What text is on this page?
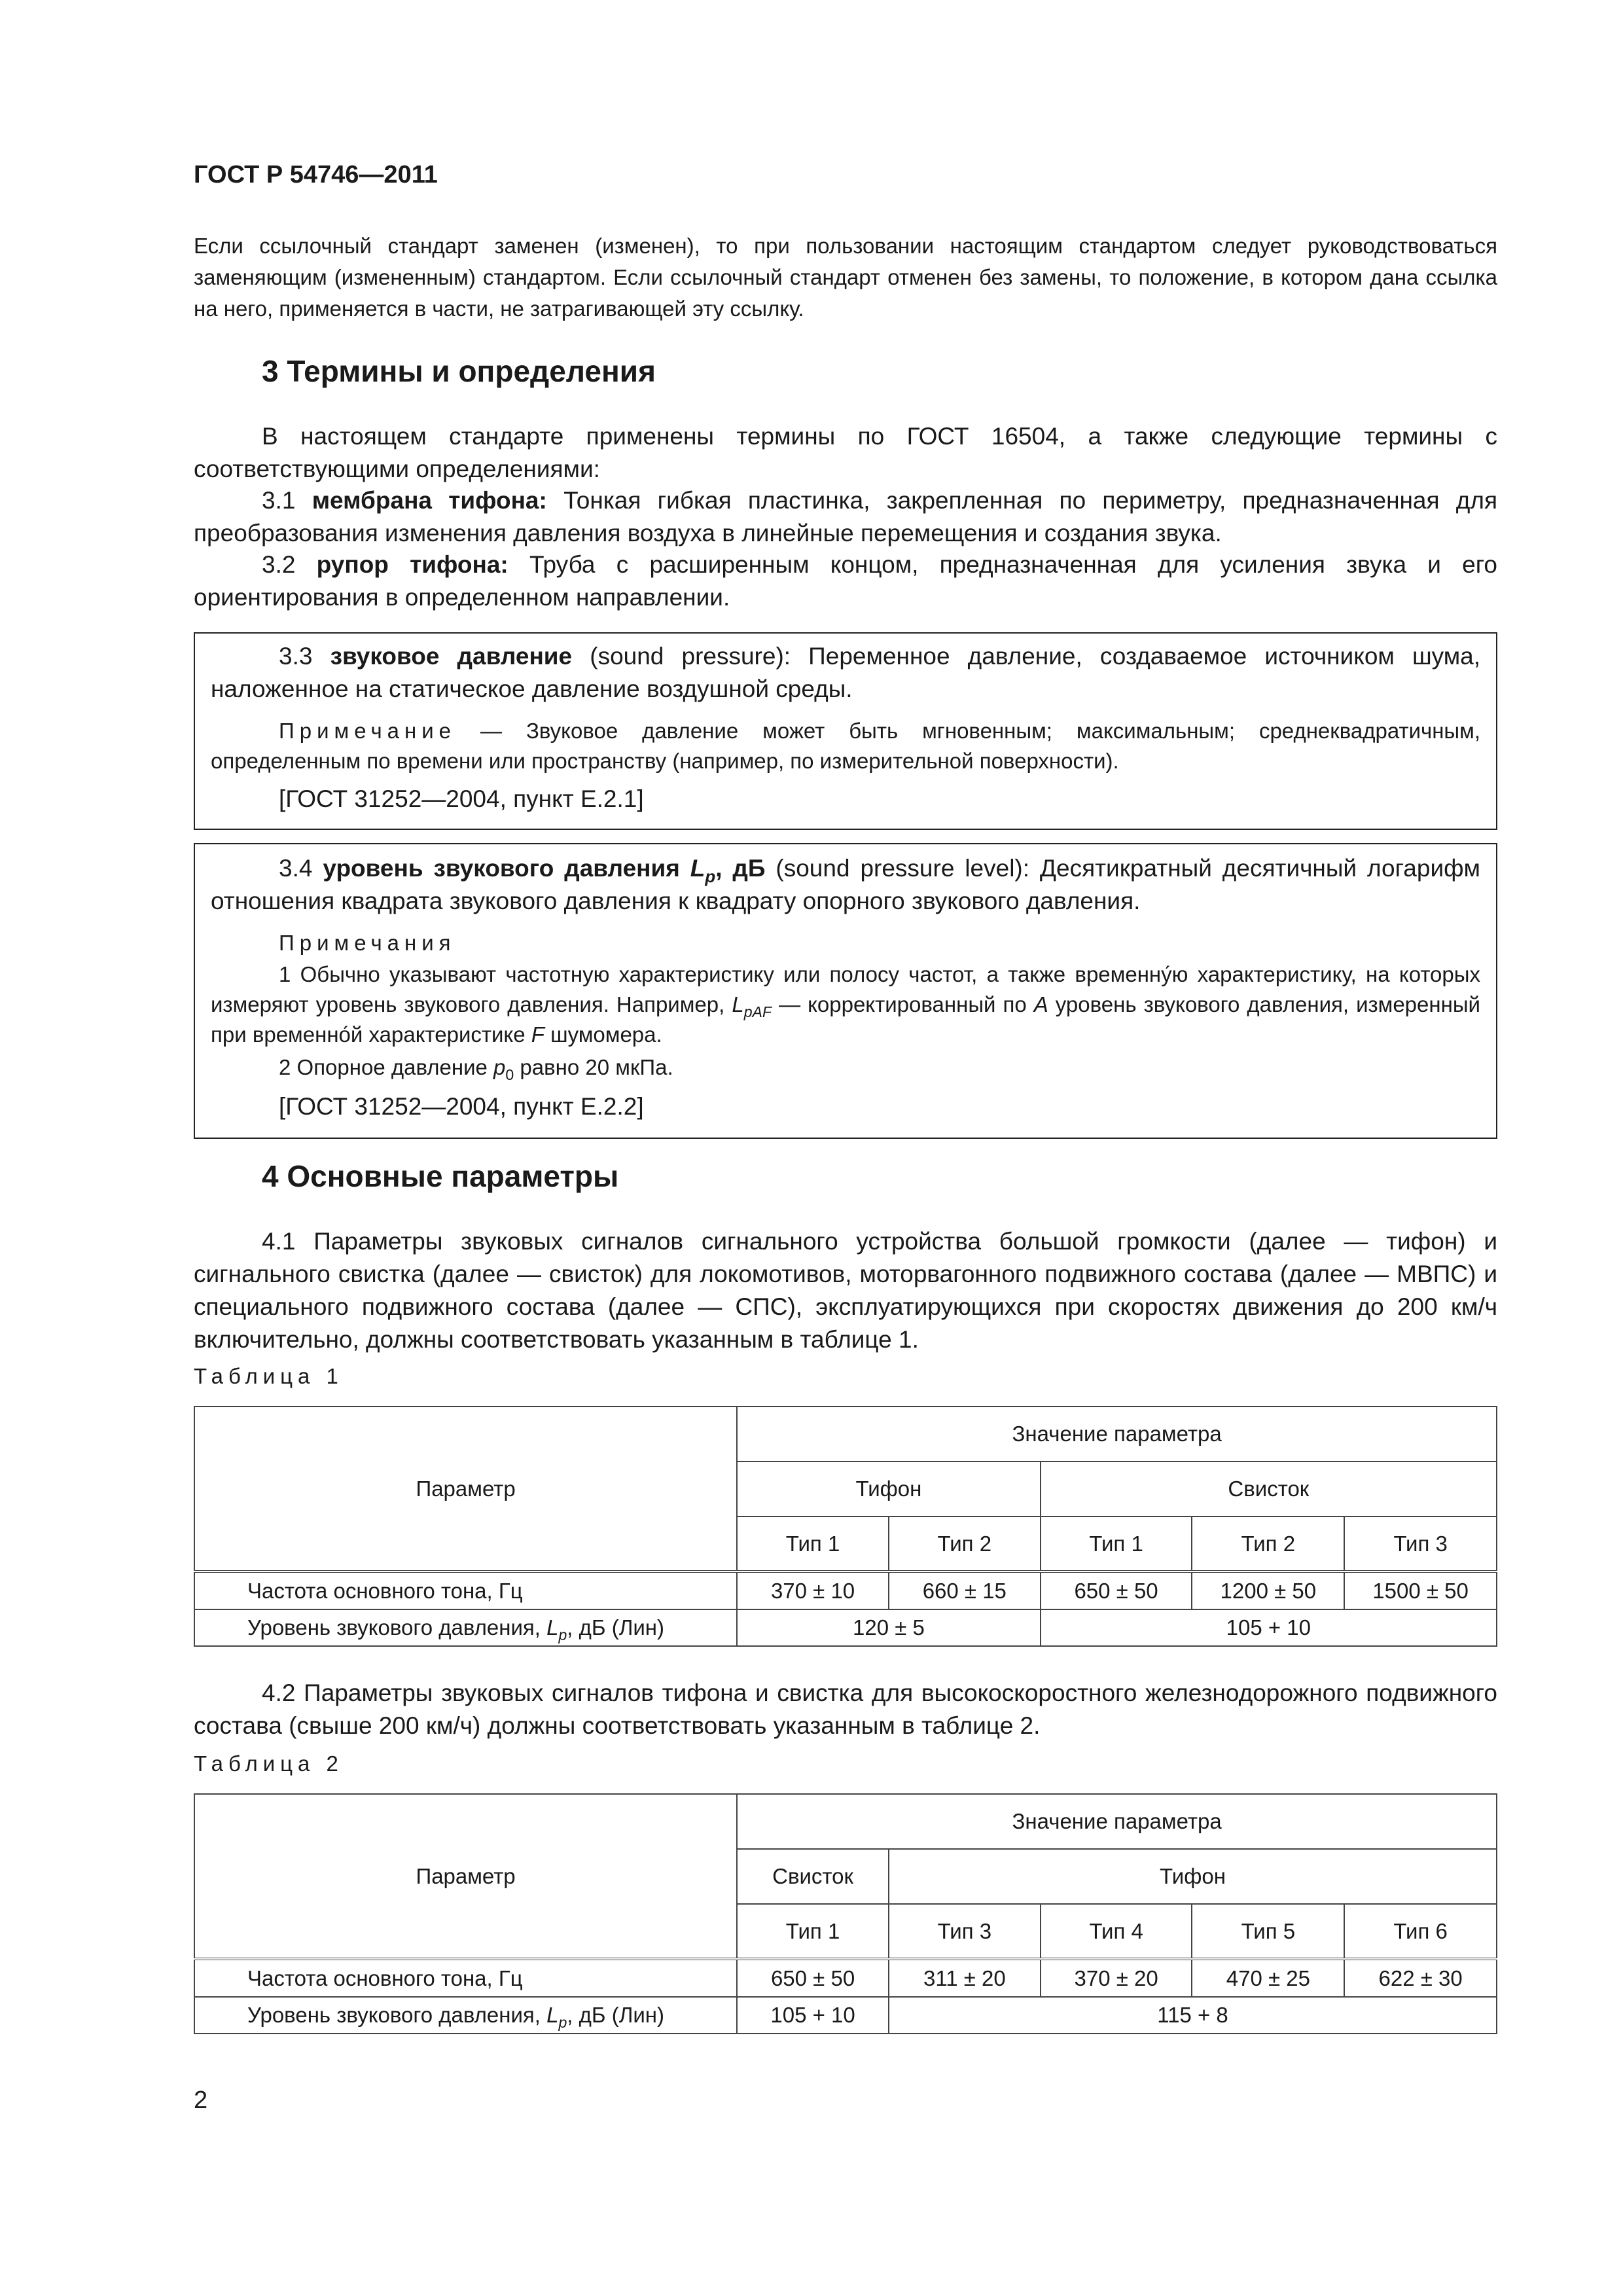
ГОСТ Р 54746—2011
Если ссылочный стандарт заменен (изменен), то при пользовании настоящим стандартом следует руководствоваться заменяющим (измененным) стандартом. Если ссылочный стандарт отменен без замены, то положение, в котором дана ссылка на него, применяется в части, не затрагивающей эту ссылку.
3 Термины и определения
В настоящем стандарте применены термины по ГОСТ 16504, а также следующие термины с соответствующими определениями:
3.1 мембрана тифона: Тонкая гибкая пластинка, закрепленная по периметру, предназначенная для преобразования изменения давления воздуха в линейные перемещения и создания звука.
3.2 рупор тифона: Труба с расширенным концом, предназначенная для усиления звука и его ориентирования в определенном направлении.
3.3 звуковое давление (sound pressure): Переменное давление, создаваемое источником шума, наложенное на статическое давление воздушной среды.
Примечание — Звуковое давление может быть мгновенным; максимальным; среднеквадратичным, определенным по времени или пространству (например, по измерительной поверхности).
[ГОСТ 31252—2004, пункт Е.2.1]
3.4 уровень звукового давления $L_p$, дБ (sound pressure level): Десятикратный десятичный логарифм отношения квадрата звукового давления к квадрату опорного звукового давления.
Примечания
1 Обычно указывают частотную характеристику или полосу частот, а также временну́ю характеристику, на которых измеряют уровень звукового давления. Например, $L_{pAF}$ — корректированный по А уровень звукового давления, измеренный при временно́й характеристике F шумомера.
2 Опорное давление $p_0$ равно 20 мкПа.
[ГОСТ 31252—2004, пункт Е.2.2]
4 Основные параметры
4.1 Параметры звуковых сигналов сигнального устройства большой громкости (далее — тифон) и сигнального свистка (далее — свисток) для локомотивов, моторвагонного подвижного состава (далее — МВПС) и специального подвижного состава (далее — СПС), эксплуатирующихся при скоростях движения до 200 км/ч включительно, должны соответствовать указанным в таблице 1.
Таблица 1
Параметр	Значение параметра				
	Тифон		Свисток		
	Тип 1	Тип 2	Тип 1	Тип 2	Тип 3
Частота основного тона, Гц	370 ± 10	660 ± 15	650 ± 50	1200 ± 50	1500 ± 50
Уровень звукового давления, $L_p$, дБ (Лин)	120 ± 5		105 + 10		
4.2 Параметры звуковых сигналов тифона и свистка для высокоскоростного железнодорожного подвижного состава (свыше 200 км/ч) должны соответствовать указанным в таблице 2.
Таблица 2
Параметр	Значение параметра				
	Свисток	Тифон			
	Тип 1	Тип 3	Тип 4	Тип 5	Тип 6
Частота основного тона, Гц	650 ± 50	311 ± 20	370 ± 20	470 ± 25	622 ± 30
Уровень звукового давления, $L_p$, дБ (Лин)	105 + 10	115 + 8			
2
